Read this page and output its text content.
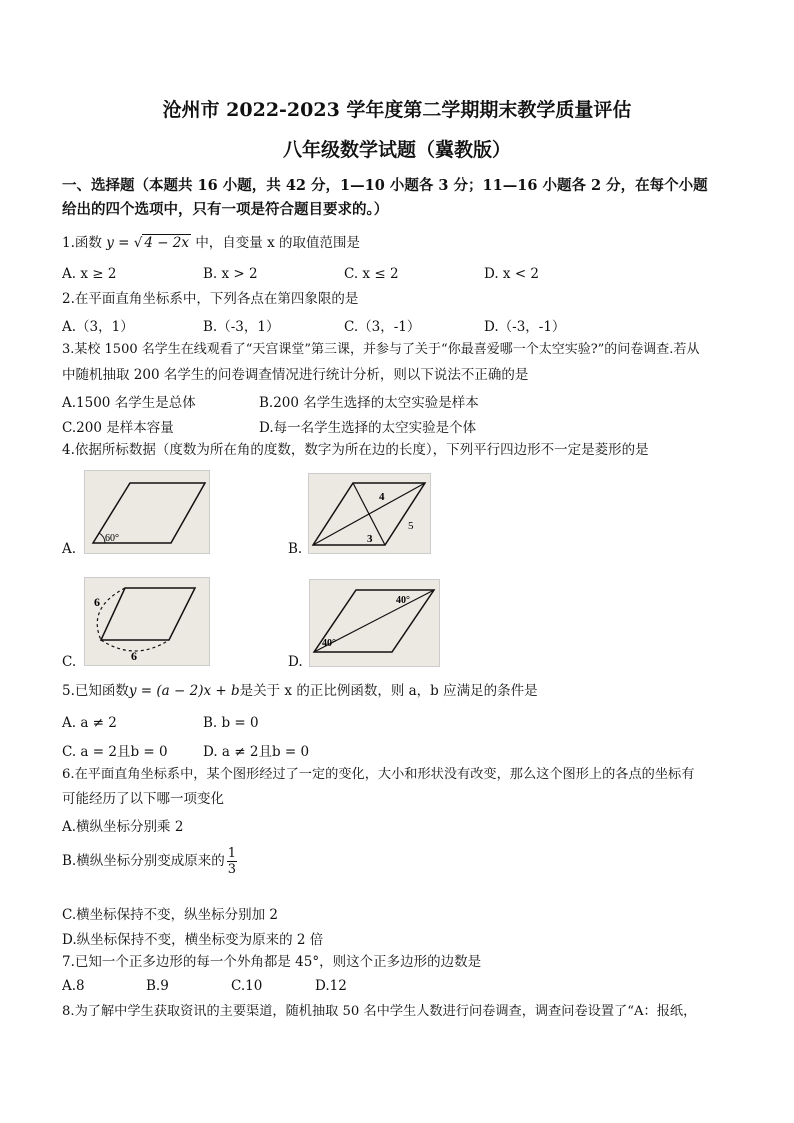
沧州市 2022-2023 学年度第二学期期末教学质量评估
八年级数学试题（冀教版）
一、选择题（本题共 16 小题，共 42 分，1—10 小题各 3 分；11—16 小题各 2 分，在每个小题
给出的四个选项中，只有一项是符合题目要求的。）
1.函数 y = √ 4 − 2x 中，自变量 x 的取值范围是
A. x ≥ 2	B. x > 2	C. x ≤ 2	D. x < 2
2.在平面直角坐标系中，下列各点在第四象限的是
A.（3，1）	B.（-3，1）	C.（3，-1）	D.（-3，-1）
3.某校 1500 名学生在线观看了“天宫课堂”第三课，并参与了关于“你最喜爱哪一个太空实验?”的问卷调查.若从
中随机抽取 200 名学生的问卷调查情况进行统计分析，则以下说法不正确的是
A.1500 名学生是总体	B.200 名学生选择的太空实验是样本
C.200 是样本容量	D.每一名学生选择的太空实验是个体
4.依据所标数据（度数为所在角的度数，数字为所在边的长度），下列平行四边形不一定是菱形的是
A.
60°
B.
4
5
3
C.
6
6	D.
40°
40°
5.已知函数y = (a − 2)x + b是关于 x 的正比例函数，则 a，b 应满足的条件是
A. a ≠ 2	B. b = 0
C. a = 2且b = 0	D. a ≠ 2且b = 0
6.在平面直角坐标系中，某个图形经过了一定的变化，大小和形状没有改变，那么这个图形上的各点的坐标有
可能经历了以下哪一项变化
A.横纵坐标分别乘 2
B.横纵坐标分别变成原来的 $\frac{1}{3}$
C.横坐标保持不变，纵坐标分别加 2
D.纵坐标保持不变，横坐标变为原来的 2 倍
7.已知一个正多边形的每一个外角都是 45°，则这个正多边形的边数是
A.8	B.9	C.10	D.12
8.为了解中学生获取资讯的主要渠道，随机抽取 50 名中学生人数进行问卷调查，调查问卷设置了“A：报纸，
